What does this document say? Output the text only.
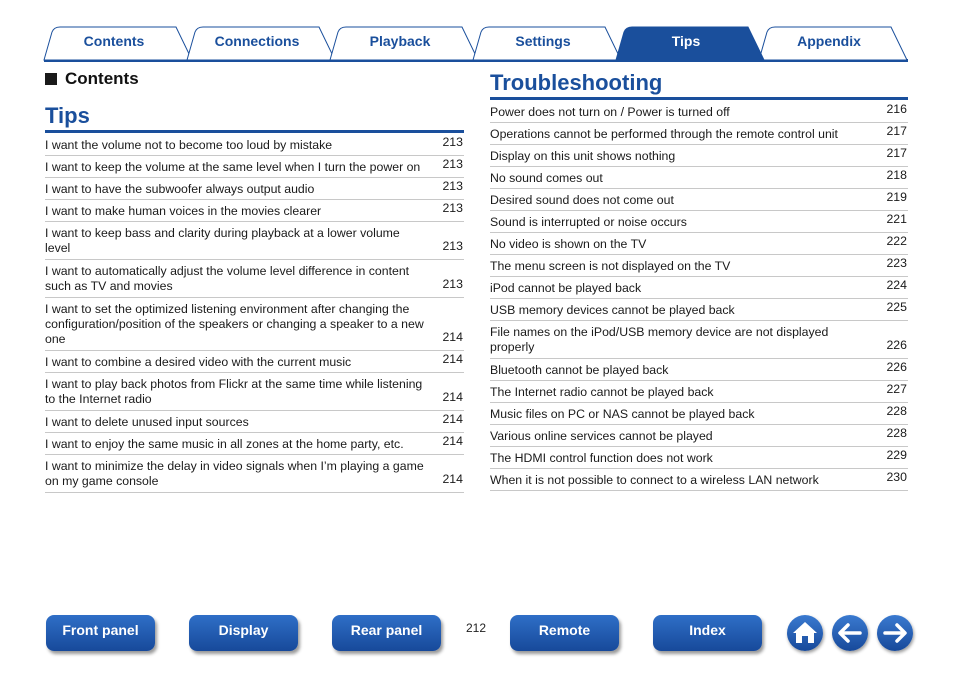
Contents	Connections	Playback	Settings	Tips	Appendix
Contents
Tips
I want the volume not to become too loud by mistake	213
I want to keep the volume at the same level when I turn the power on	213
I want to have the subwoofer always output audio	213
I want to make human voices in the movies clearer	213
I want to keep bass and clarity during playback at a lower volume level	213
I want to automatically adjust the volume level difference in content such as TV and movies	213
I want to set the optimized listening environment after changing the configuration/position of the speakers or changing a speaker to a new one	214
I want to combine a desired video with the current music	214
I want to play back photos from Flickr at the same time while listening to the Internet radio	214
I want to delete unused input sources	214
I want to enjoy the same music in all zones at the home party, etc.	214
I want to minimize the delay in video signals when I’m playing a game on my game console	214
Troubleshooting
Power does not turn on / Power is turned off	216
Operations cannot be performed through the remote control unit	217
Display on this unit shows nothing	217
No sound comes out	218
Desired sound does not come out	219
Sound is interrupted or noise occurs	221
No video is shown on the TV	222
The menu screen is not displayed on the TV	223
iPod cannot be played back	224
USB memory devices cannot be played back	225
File names on the iPod/USB memory device are not displayed properly	226
Bluetooth cannot be played back	226
The Internet radio cannot be played back	227
Music files on PC or NAS cannot be played back	228
Various online services cannot be played	228
The HDMI control function does not work	229
When it is not possible to connect to a wireless LAN network	230
Front panel	Display	Rear panel	212	Remote	Index
